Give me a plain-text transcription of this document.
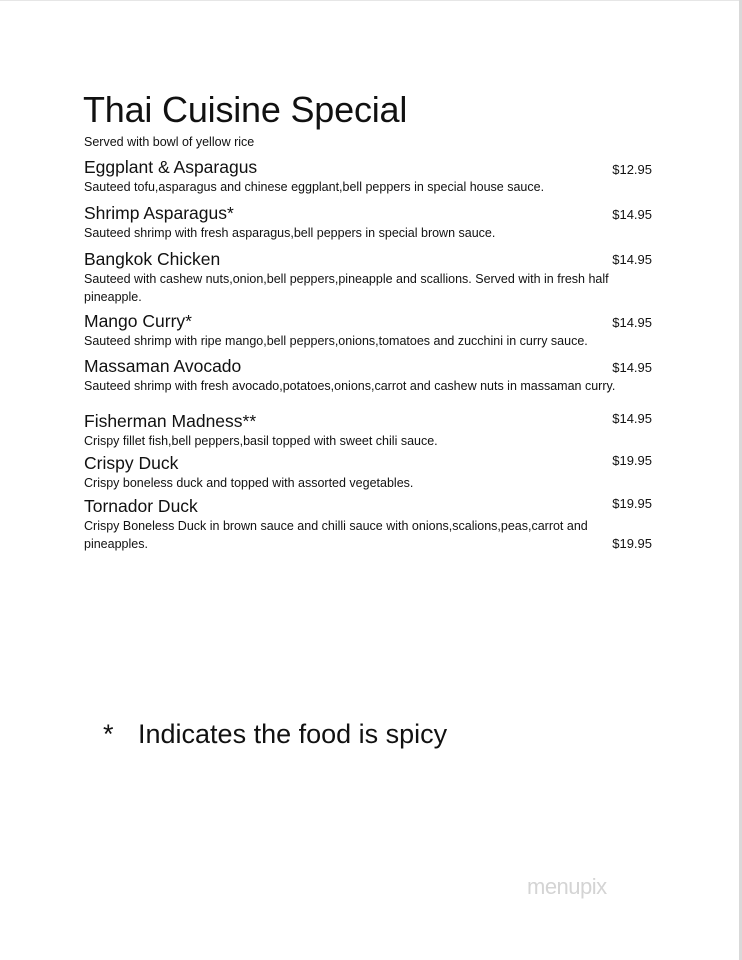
Thai Cuisine Special
Served with bowl of yellow rice
Eggplant & Asparagus	$12.95
Sauteed tofu,asparagus and chinese eggplant,bell peppers in special house sauce.
Shrimp Asparagus*	$14.95
Sauteed shrimp with fresh asparagus,bell peppers in special brown sauce.
Bangkok Chicken	$14.95
Sauteed with cashew nuts,onion,bell peppers,pineapple and scallions. Served with in fresh half pineapple.
Mango Curry*	$14.95
Sauteed shrimp with ripe mango,bell peppers,onions,tomatoes and zucchini in curry sauce.
Massaman Avocado	$14.95
Sauteed shrimp with fresh avocado,potatoes,onions,carrot and cashew nuts in massaman curry.
Fisherman Madness**	$14.95
Crispy fillet fish,bell peppers,basil topped with sweet chili sauce.
Crispy Duck	$19.95
Crispy boneless duck and topped with assorted vegetables.
Tornador Duck	$19.95
Crispy Boneless Duck in brown sauce and chilli sauce with onions,scalions,peas,carrot and pineapples.	$19.95
* Indicates the food is spicy
menupix
